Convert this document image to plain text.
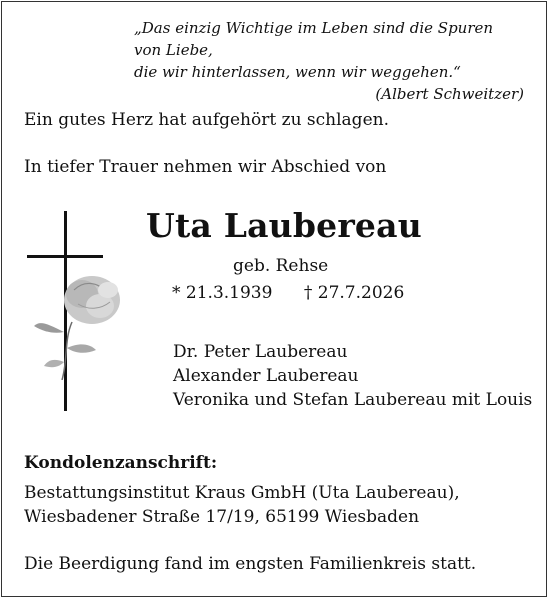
„Das einzig Wichtige im Leben sind die Spuren von Liebe,
die wir hinterlassen, wenn wir weggehen.“
(Albert Schweitzer)
Ein gutes Herz hat aufgehört zu schlagen.
In tiefer Trauer nehmen wir Abschied von
Uta Laubereau
geb. Rehse
* 21.3.1939 † 27.7.2026
Dr. Peter Laubereau
Alexander Laubereau
Veronika und Stefan Laubereau mit Louis
Kondolenzanschrift:
Bestattungsinstitut Kraus GmbH (Uta Laubereau),
Wiesbadener Straße 17/19, 65199 Wiesbaden
Die Beerdigung fand im engsten Familienkreis statt.
